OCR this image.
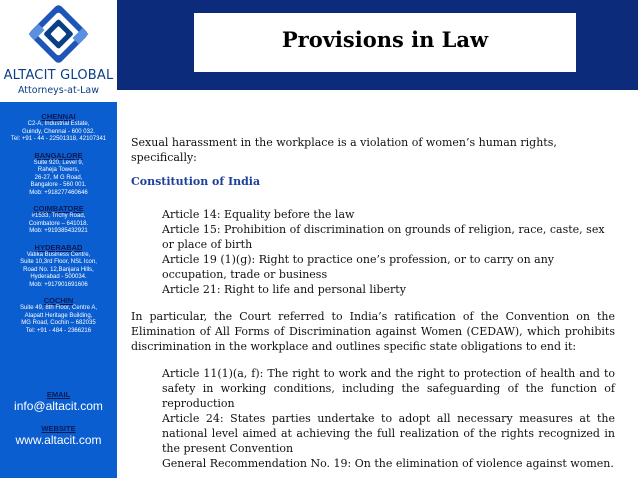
ALTACIT GLOBAL
Attorneys-at-Law
CHENNAI

C2-A, Industrial Estate,

Guindy, Chennai - 600 032.

Tel: +91 - 44 - 22501318, 42107341

BANGALORE

Suite 920, Level 9,

Raheja Towers,

26-27, M G Road,

Bangalore - 560 001.

Mob: +918277460646

COIMBATORE

#1533, Trichy Road,

Coimbatore – 641018.

Mob: +919385432921

HYDERABAD

Vatika Business Centre,

Suite 10,3rd Floor, NSL Icon,

Road No. 12,Banjara Hills,

Hyderabad - 500034.

Mob: +917901691606

COCHIN

Suite 49, 8th Floor, Centre A,

Alapatt Heritage Building,

MG Road, Cochin – 682035

Tel: +91 - 484 - 2366216

EMAIL
info@altacit.com
WEBSITE
www.altacit.com
Provisions in Law

Sexual harassment in the workplace is a violation of women’s human rights, specifically:

Constitution of India

Article 14: Equality before the law

Article 15: Prohibition of discrimination on grounds of religion, race, caste, sex or place of birth

Article 19 (1)(g): Right to practice one’s profession, or to carry on any occupation, trade or business

Article 21: Right to life and personal liberty

In particular, the Court referred to India’s ratification of the Convention on the Elimination of All Forms of Discrimination against Women (CEDAW), which prohibits discrimination in the workplace and outlines specific state obligations to end it:

Article 11(1)(a, f): The right to work and the right to protection of health and to safety in working conditions, including the safeguarding of the function of reproduction

Article 24: States parties undertake to adopt all necessary measures at the national level aimed at achieving the full realization of the rights recognized in the present Convention

General Recommendation No. 19: On the elimination of violence against women.
